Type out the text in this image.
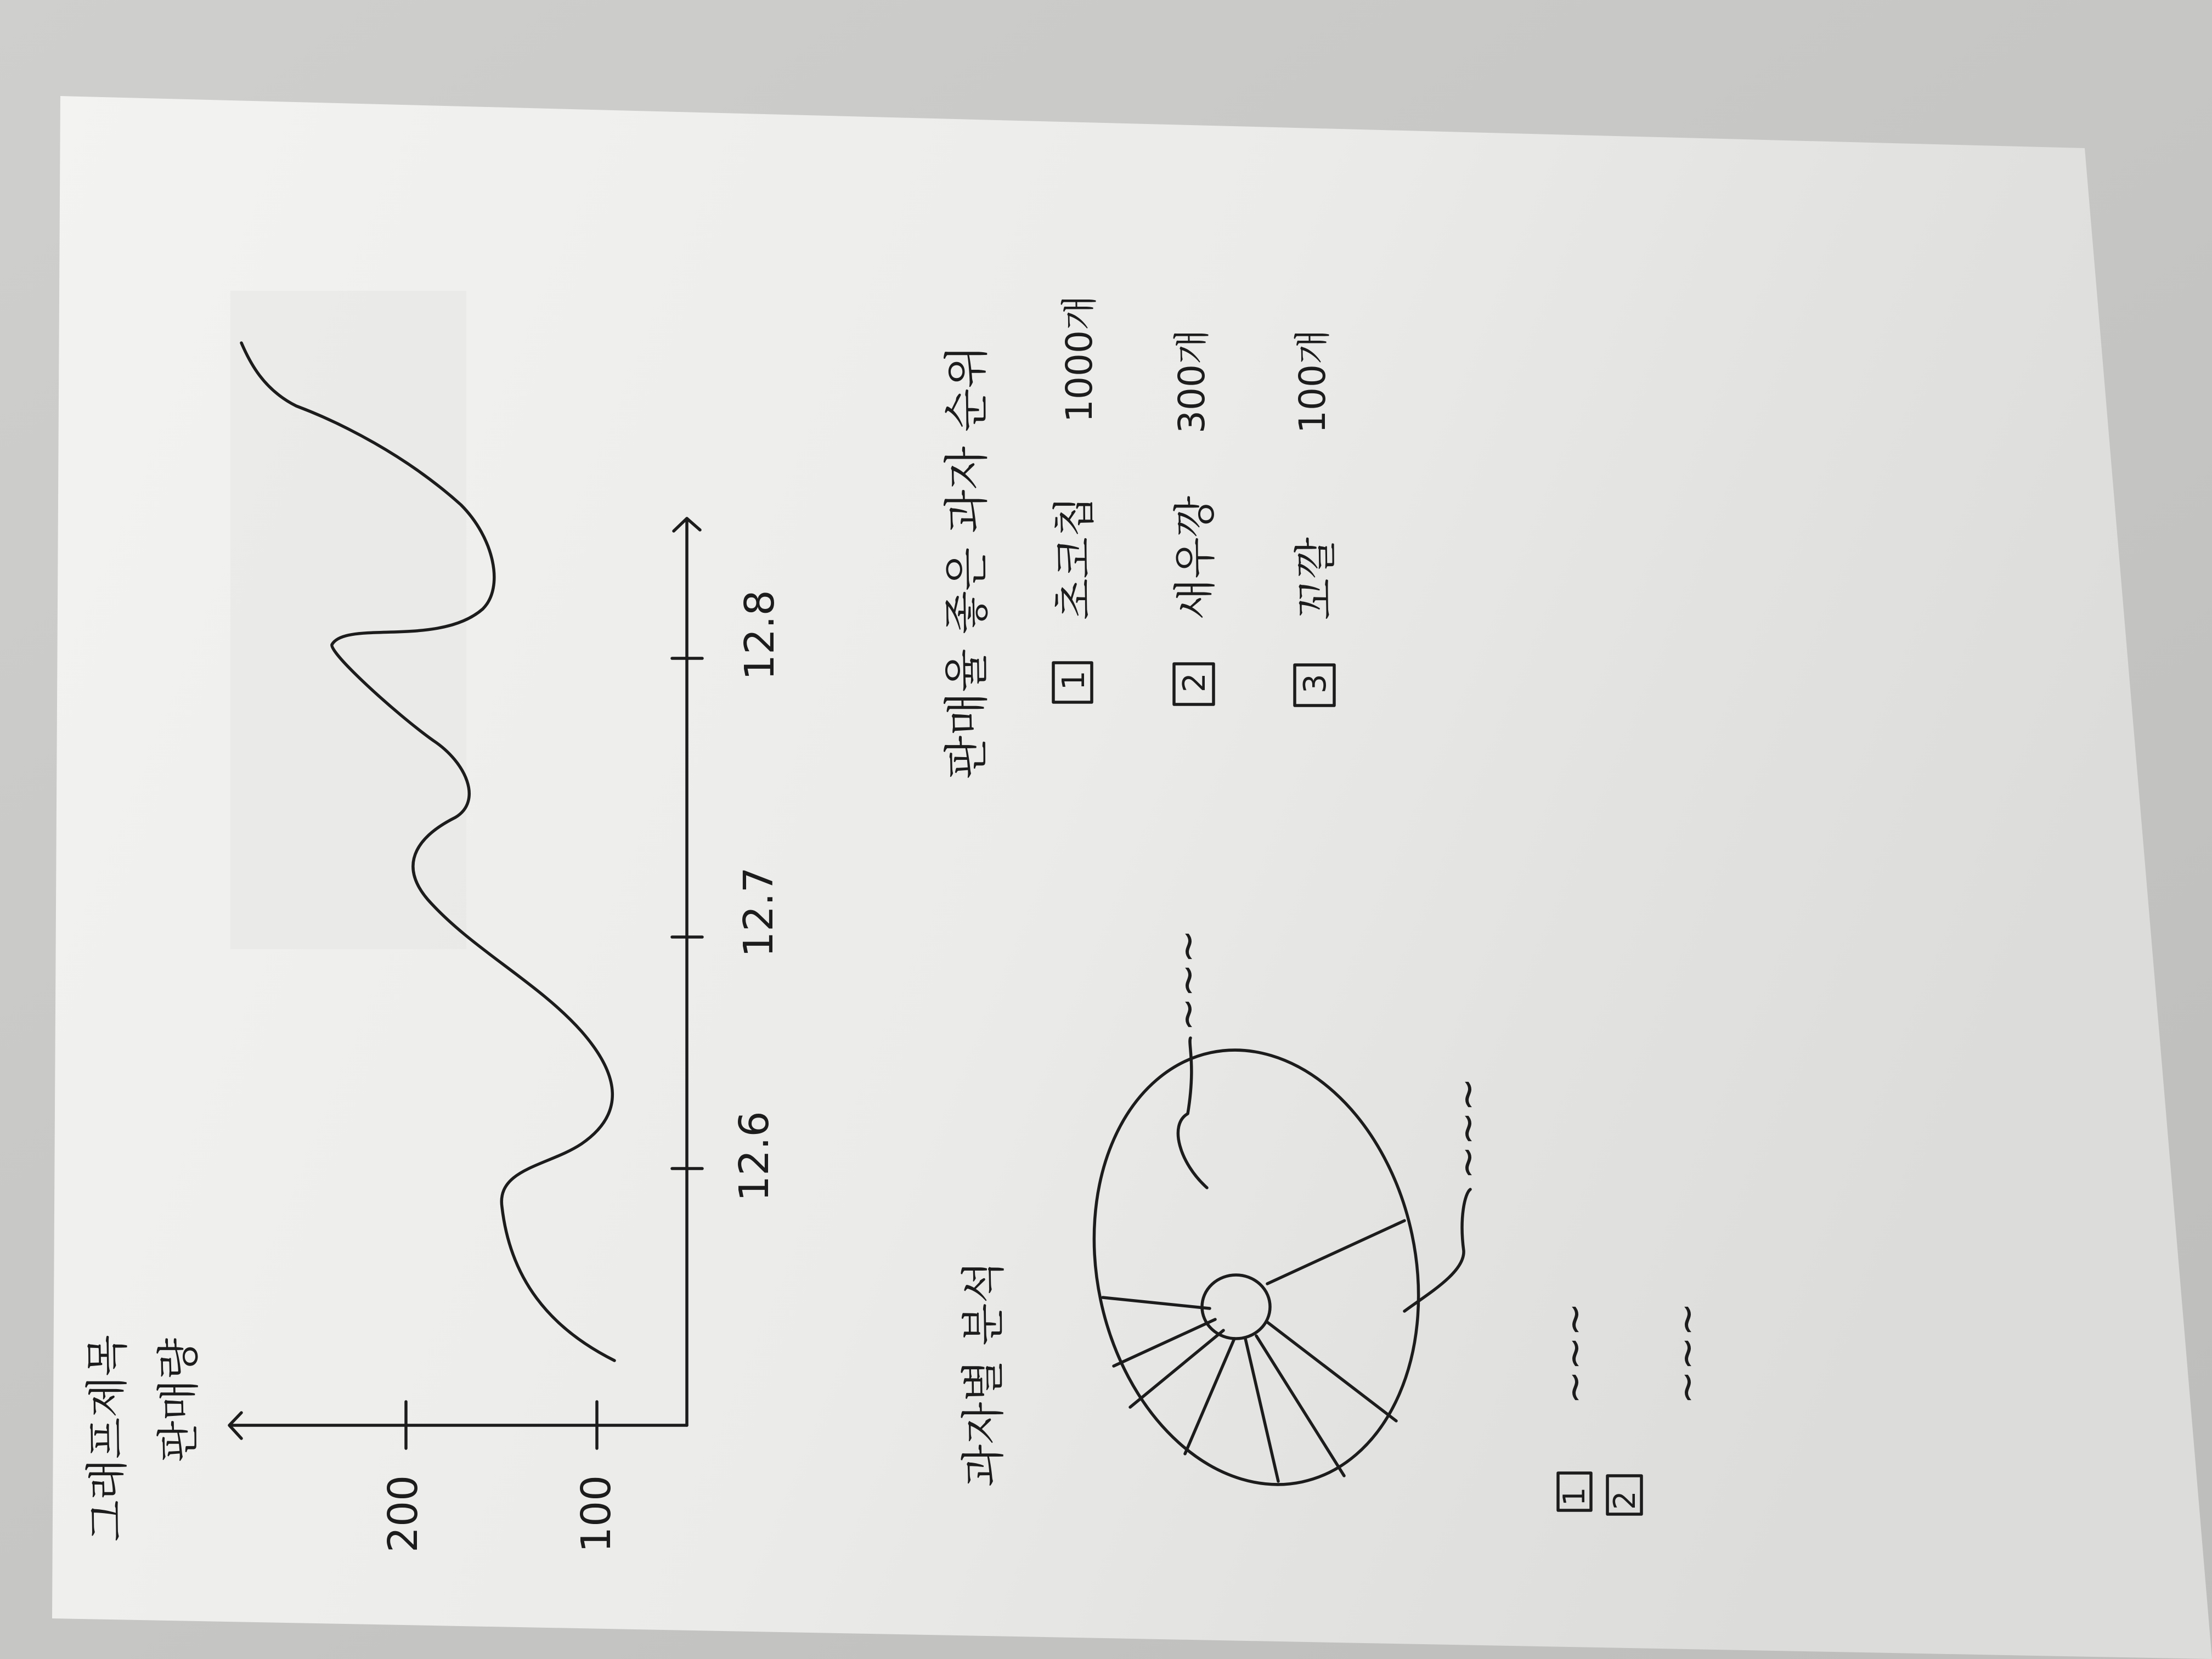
그래프제목 판매량
200	100
12.6
12.7
12.8
과자별 분석
~~~
~~~
1
~~~
2
~~~
판매율 좋은 과자 순위 1
초코칩
1000개
2
새우깡
300개
3
꼬깔
100개
